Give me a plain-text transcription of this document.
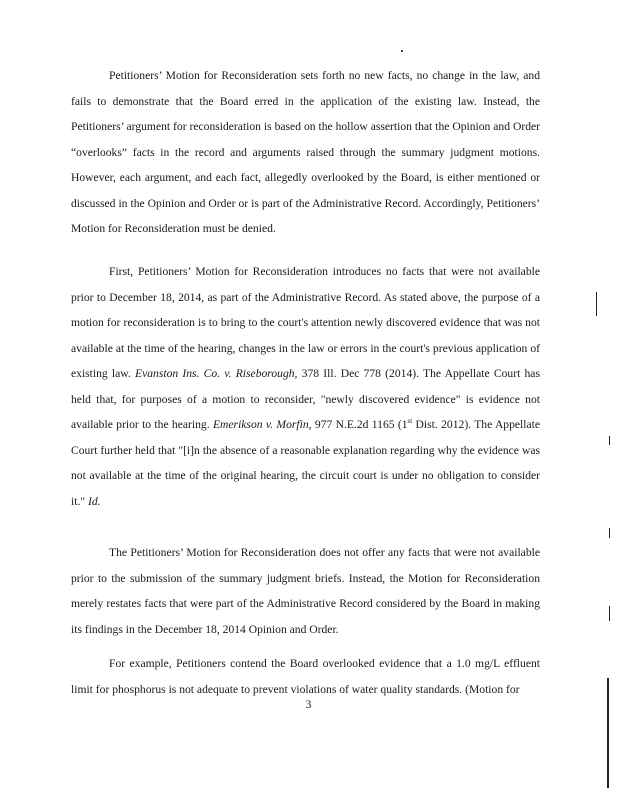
Petitioners’ Motion for Reconsideration sets forth no new facts, no change in the law, and fails to demonstrate that the Board erred in the application of the existing law. Instead, the Petitioners’ argument for reconsideration is based on the hollow assertion that the Opinion and Order “overlooks” facts in the record and arguments raised through the summary judgment motions. However, each argument, and each fact, allegedly overlooked by the Board, is either mentioned or discussed in the Opinion and Order or is part of the Administrative Record. Accordingly, Petitioners’ Motion for Reconsideration must be denied.

First, Petitioners’ Motion for Reconsideration introduces no facts that were not available prior to December 18, 2014, as part of the Administrative Record. As stated above, the purpose of a motion for reconsideration is to bring to the court's attention newly discovered evidence that was not available at the time of the hearing, changes in the law or errors in the court's previous application of existing law. Evanston Ins. Co. v. Riseborough, 378 Ill. Dec 778 (2014). The Appellate Court has held that, for purposes of a motion to reconsider, "newly discovered evidence" is evidence not available prior to the hearing. Emerikson v. Morfin, 977 N.E.2d 1165 (1st Dist. 2012). The Appellate Court further held that "[i]n the absence of a reasonable explanation regarding why the evidence was not available at the time of the original hearing, the circuit court is under no obligation to consider it." Id.

The Petitioners’ Motion for Reconsideration does not offer any facts that were not available prior to the submission of the summary judgment briefs. Instead, the Motion for Reconsideration merely restates facts that were part of the Administrative Record considered by the Board in making its findings in the December 18, 2014 Opinion and Order.

For example, Petitioners contend the Board overlooked evidence that a 1.0 mg/L effluent limit for phosphorus is not adequate to prevent violations of water quality standards. (Motion for

3
